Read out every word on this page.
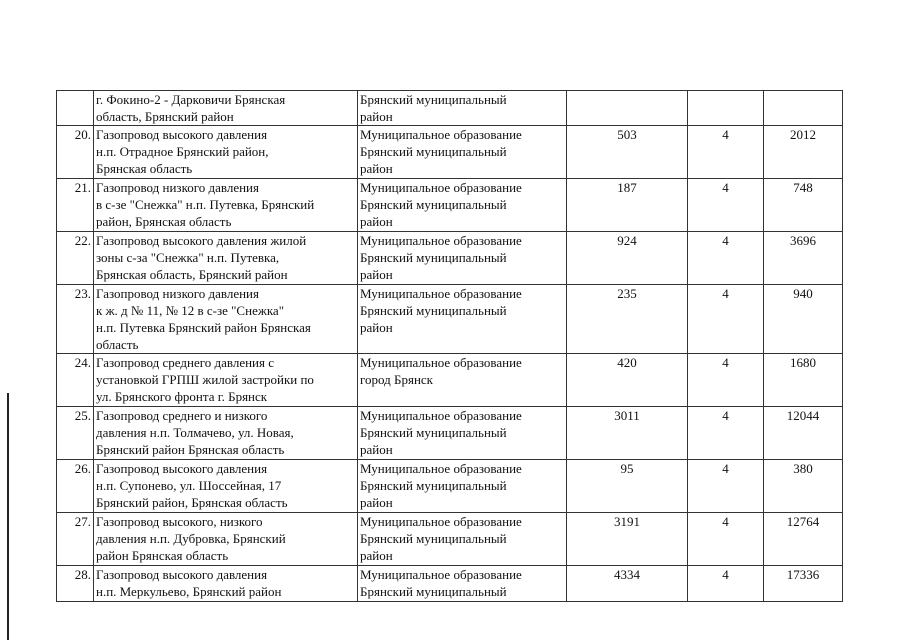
	г. Фокино-2 - Дарковичи Брянская
область, Брянский район	Брянский муниципальный
район			
20.	Газопровод высокого давления
н.п. Отрадное Брянский район,
Брянская область	Муниципальное образование
Брянский муниципальный
район	503	4	2012
21.	Газопровод низкого давления
в с-зе "Снежка" н.п. Путевка, Брянский
район, Брянская область	Муниципальное образование
Брянский муниципальный
район	187	4	748
22.	Газопровод высокого давления жилой
зоны с-за "Снежка" н.п. Путевка,
Брянская область, Брянский район	Муниципальное образование
Брянский муниципальный
район	924	4	3696
23.	Газопровод низкого давления
к ж. д № 11, № 12 в с-зе "Снежка"
н.п. Путевка Брянский район Брянская
область	Муниципальное образование
Брянский муниципальный
район	235	4	940
24.	Газопровод среднего давления с
установкой ГРПШ жилой застройки по
ул. Брянского фронта г. Брянск	Муниципальное образование
город Брянск	420	4	1680
25.	Газопровод среднего и низкого
давления н.п. Толмачево, ул. Новая,
Брянский район Брянская область	Муниципальное образование
Брянский муниципальный
район	3011	4	12044
26.	Газопровод высокого давления
н.п. Супонево, ул. Шоссейная, 17
Брянский район, Брянская область	Муниципальное образование
Брянский муниципальный
район	95	4	380
27.	Газопровод высокого, низкого
давления н.п. Дубровка, Брянский
район Брянская область	Муниципальное образование
Брянский муниципальный
район	3191	4	12764
28.	Газопровод высокого давления
н.п. Меркульево, Брянский район	Муниципальное образование
Брянский муниципальный	4334	4	17336
